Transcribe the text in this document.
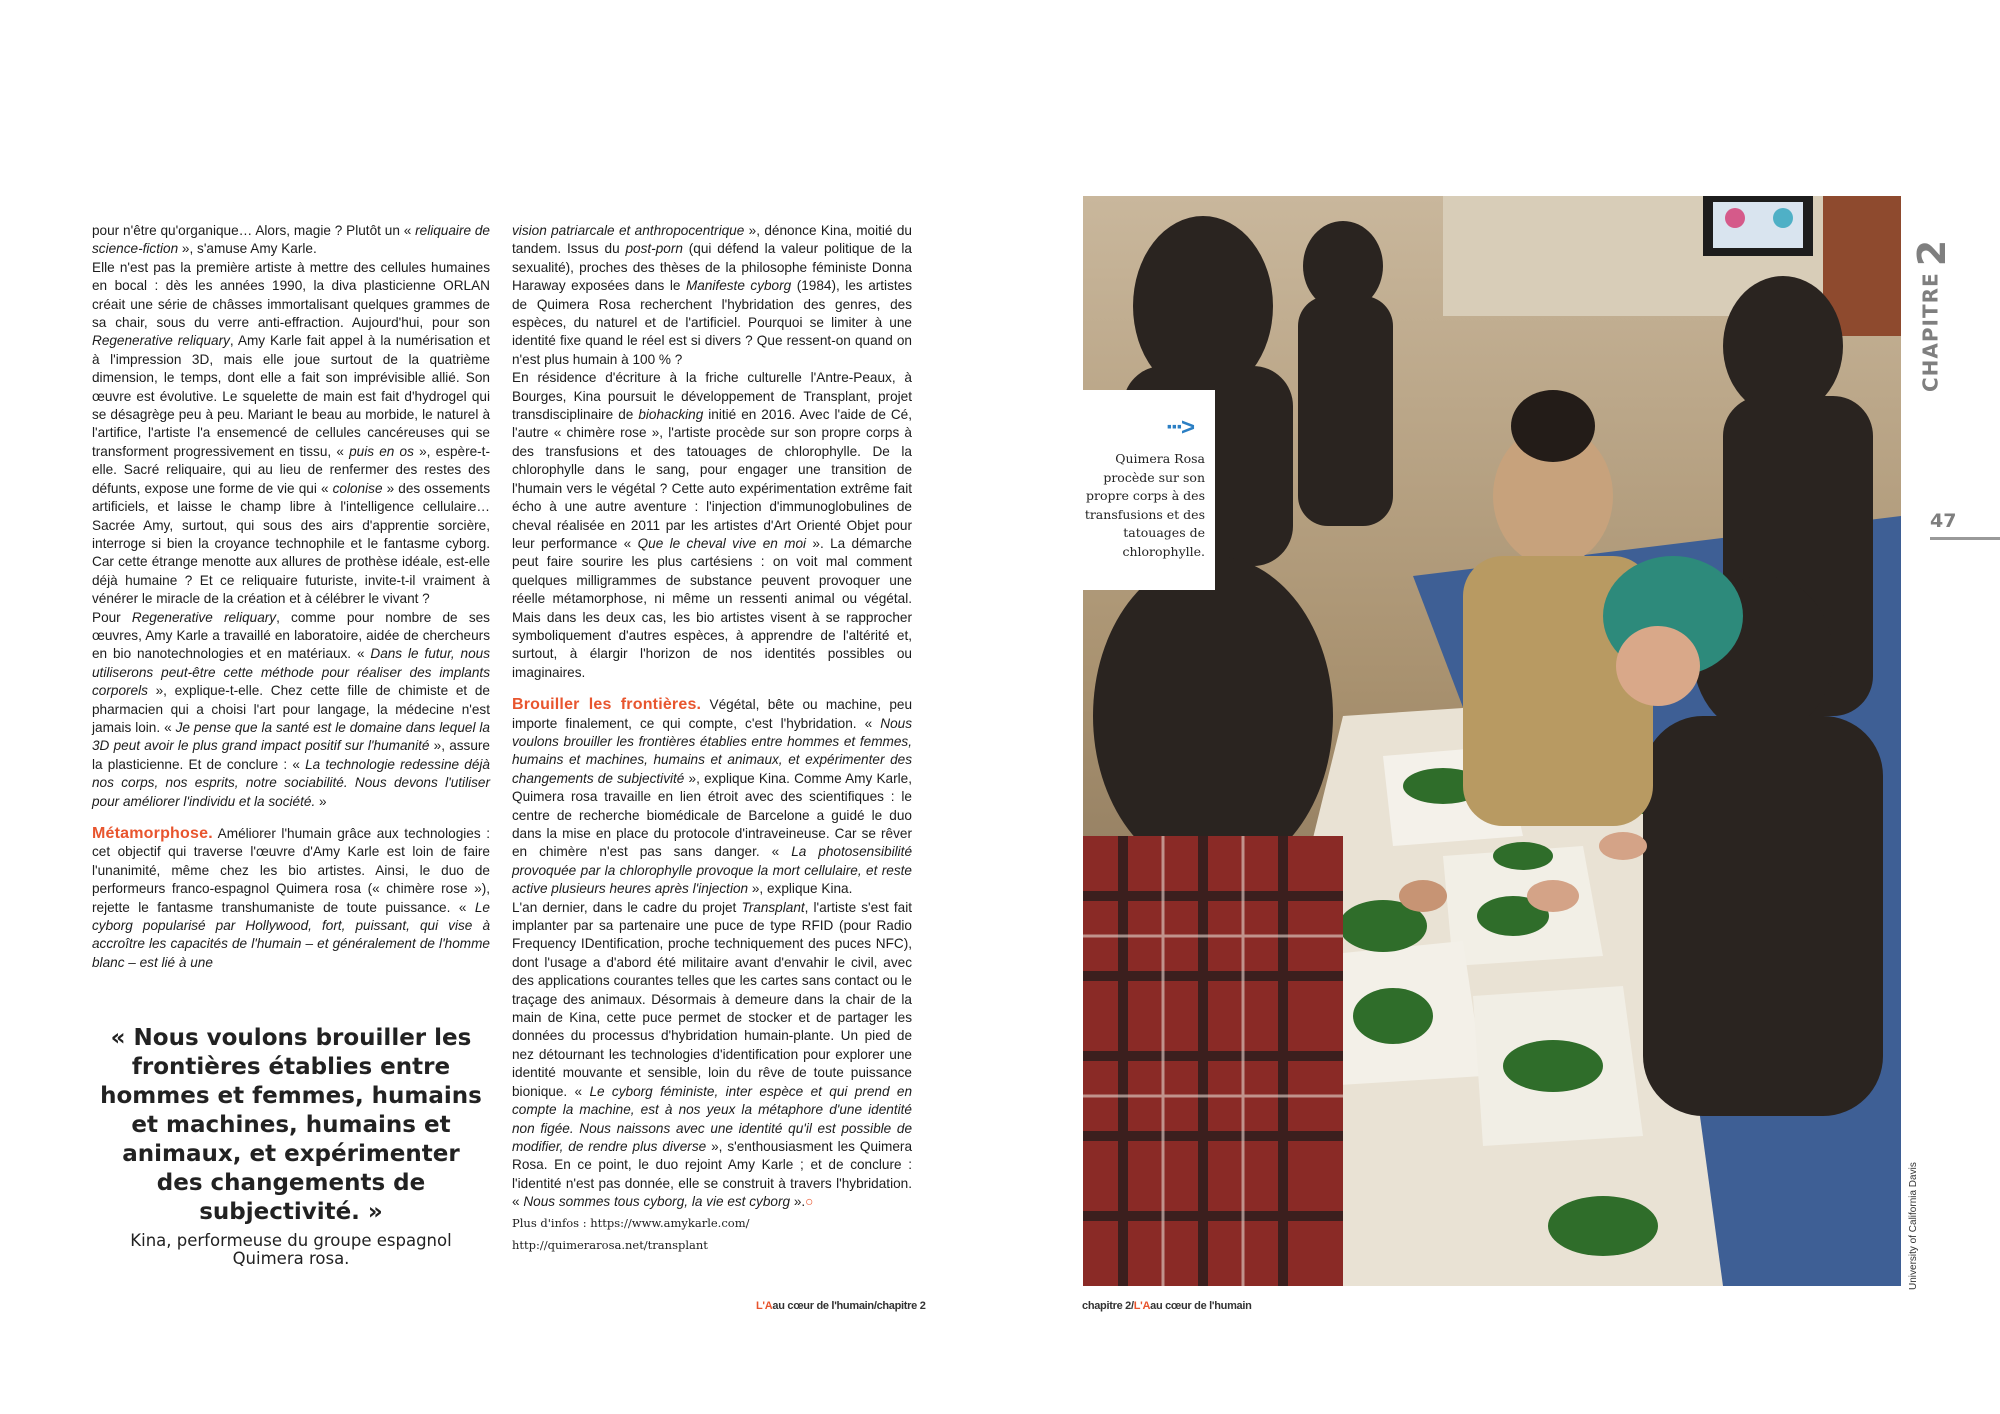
pour n'être qu'organique… Alors, magie ? Plutôt un « reliquaire de science-fiction », s'amuse Amy Karle.

Elle n'est pas la première artiste à mettre des cellules humaines en bocal : dès les années 1990, la diva plasticienne ORLAN créait une série de châsses immortalisant quelques grammes de sa chair, sous du verre anti-effraction. Aujourd'hui, pour son Regenerative reliquary, Amy Karle fait appel à la numérisation et à l'impression 3D, mais elle joue surtout de la quatrième dimension, le temps, dont elle a fait son imprévisible allié. Son œuvre est évolutive. Le squelette de main est fait d'hydrogel qui se désagrège peu à peu. Mariant le beau au morbide, le naturel à l'artifice, l'artiste l'a ensemencé de cellules cancéreuses qui se transforment progressivement en tissu, « puis en os », espère-t-elle. Sacré reliquaire, qui au lieu de renfermer des restes des défunts, expose une forme de vie qui « colonise » des ossements artificiels, et laisse le champ libre à l'intelligence cellulaire… Sacrée Amy, surtout, qui sous des airs d'apprentie sorcière, interroge si bien la croyance technophile et le fantasme cyborg. Car cette étrange menotte aux allures de prothèse idéale, est-elle déjà humaine ? Et ce reliquaire futuriste, invite-t-il vraiment à vénérer le miracle de la création et à célébrer le vivant ?

Pour Regenerative reliquary, comme pour nombre de ses œuvres, Amy Karle a travaillé en laboratoire, aidée de chercheurs en bio nanotechnologies et en matériaux. « Dans le futur, nous utiliserons peut-être cette méthode pour réaliser des implants corporels », explique-t-elle. Chez cette fille de chimiste et de pharmacien qui a choisi l'art pour langage, la médecine n'est jamais loin. « Je pense que la santé est le domaine dans lequel la 3D peut avoir le plus grand impact positif sur l'humanité », assure la plasticienne. Et de conclure : « La technologie redessine déjà nos corps, nos esprits, notre sociabilité. Nous devons l'utiliser pour améliorer l'individu et la société. »

Métamorphose. Améliorer l'humain grâce aux technologies : cet objectif qui traverse l'œuvre d'Amy Karle est loin de faire l'unanimité, même chez les bio artistes. Ainsi, le duo de performeurs franco-espagnol Quimera rosa (« chimère rose »), rejette le fantasme transhumaniste de toute puissance. « Le cyborg popularisé par Hollywood, fort, puissant, qui vise à accroître les capacités de l'humain – et généralement de l'homme blanc – est lié à une

« Nous voulons brouiller les frontières établies entre hommes et femmes, humains et machines, humains et animaux, et expérimenter des changements de subjectivité. »
Kina, performeuse du groupe espagnol Quimera rosa.

vision patriarcale et anthropocentrique », dénonce Kina, moitié du tandem. Issus du post-porn (qui défend la valeur politique de la sexualité), proches des thèses de la philosophe féministe Donna Haraway exposées dans le Manifeste cyborg (1984), les artistes de Quimera Rosa recherchent l'hybridation des genres, des espèces, du naturel et de l'artificiel. Pourquoi se limiter à une identité fixe quand le réel est si divers ? Que ressent-on quand on n'est plus humain à 100 % ?

En résidence d'écriture à la friche culturelle l'Antre-Peaux, à Bourges, Kina poursuit le développement de Transplant, projet transdisciplinaire de biohacking initié en 2016. Avec l'aide de Cé, l'autre « chimère rose », l'artiste procède sur son propre corps à des transfusions et des tatouages de chlorophylle. De la chlorophylle dans le sang, pour engager une transition de l'humain vers le végétal ? Cette auto expérimentation extrême fait écho à une autre aventure : l'injection d'immunoglobulines de cheval réalisée en 2011 par les artistes d'Art Orienté Objet pour leur performance « Que le cheval vive en moi ». La démarche peut faire sourire les plus cartésiens : on voit mal comment quelques milligrammes de substance peuvent provoquer une réelle métamorphose, ni même un ressenti animal ou végétal. Mais dans les deux cas, les bio artistes visent à se rapprocher symboliquement d'autres espèces, à apprendre de l'altérité et, surtout, à élargir l'horizon de nos identités possibles ou imaginaires.

Brouiller les frontières. Végétal, bête ou machine, peu importe finalement, ce qui compte, c'est l'hybridation. « Nous voulons brouiller les frontières établies entre hommes et femmes, humains et machines, humains et animaux, et expérimenter des changements de subjectivité », explique Kina. Comme Amy Karle, Quimera rosa travaille en lien étroit avec des scientifiques : le centre de recherche biomédicale de Barcelone a guidé le duo dans la mise en place du protocole d'intraveineuse. Car se rêver en chimère n'est pas sans danger. « La photosensibilité provoquée par la chlorophylle provoque la mort cellulaire, et reste active plusieurs heures après l'injection », explique Kina.

L'an dernier, dans le cadre du projet Transplant, l'artiste s'est fait implanter par sa partenaire une puce de type RFID (pour Radio Frequency IDentification, proche techniquement des puces NFC), dont l'usage a d'abord été militaire avant d'envahir le civil, avec des applications courantes telles que les cartes sans contact ou le traçage des animaux. Désormais à demeure dans la chair de la main de Kina, cette puce permet de stocker et de partager les données du processus d'hybridation humain-plante. Un pied de nez détournant les technologies d'identification pour explorer une identité mouvante et sensible, loin du rêve de toute puissance bionique. « Le cyborg féministe, inter espèce et qui prend en compte la machine, est à nos yeux la métaphore d'une identité non figée. Nous naissons avec une identité qu'il est possible de modifier, de rendre plus diverse », s'enthousiasment les Quimera Rosa. En ce point, le duo rejoint Amy Karle ; et de conclure : l'identité n'est pas donnée, elle se construit à travers l'hybridation. « Nous sommes tous cyborg, la vie est cyborg ».○

Plus d'infos : https://www.amykarle.com/
http://quimerarosa.net/transplant
L'Aau cœur de l'humain/chapitre 2	chapitre 2/L'Aau cœur de l'humain
···>
Quimera Rosa procède sur son propre corps à des transfusions et des tatouages de chlorophylle.
CHAPITRE2
47
University of California Davis
